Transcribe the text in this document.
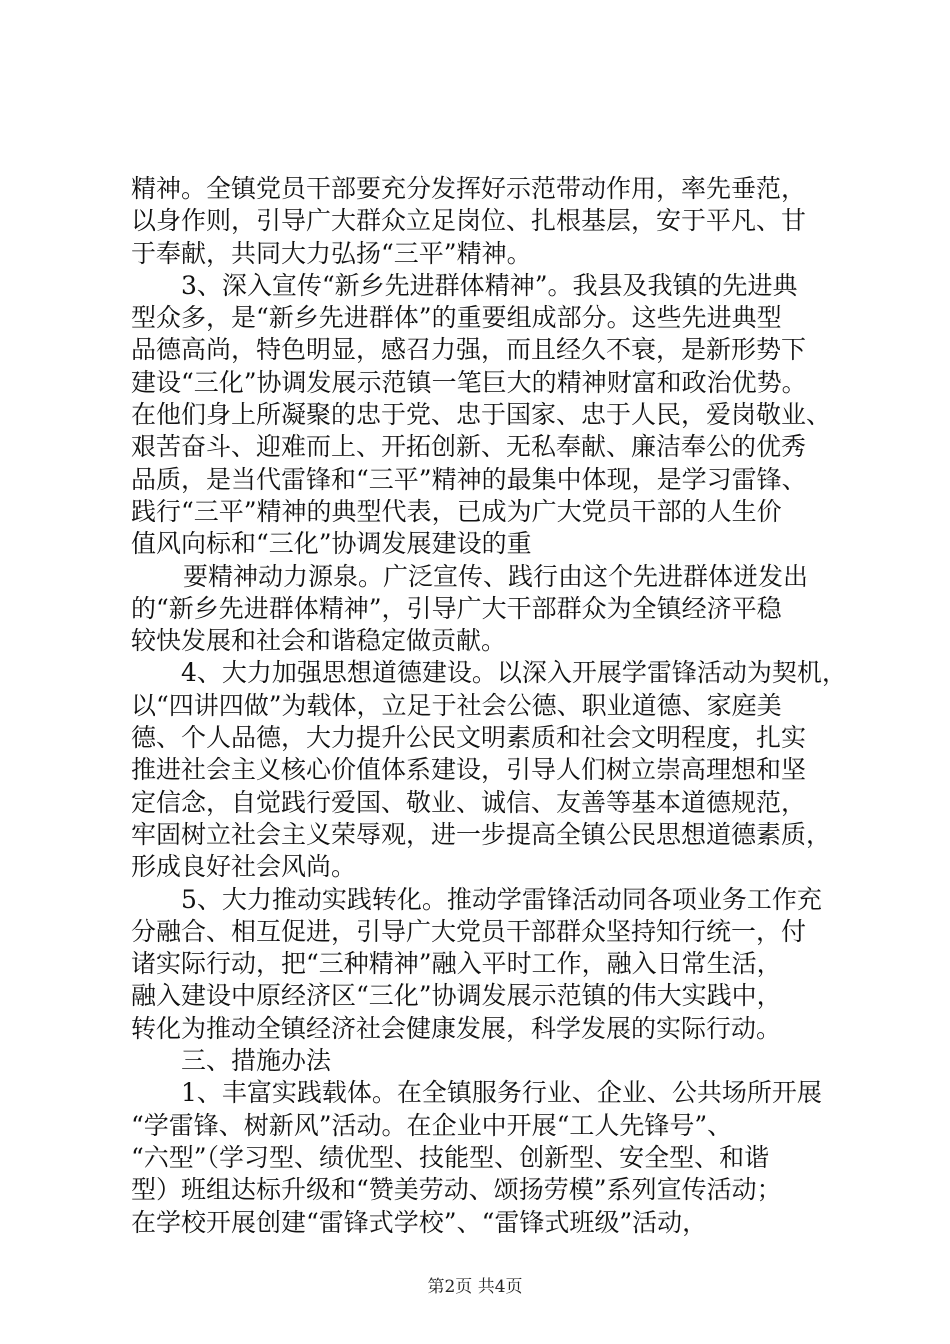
精神。全镇党员干部要充分发挥好示范带动作用，率先垂范，
以身作则，引导广大群众立足岗位、扎根基层，安于平凡、甘
于奉献，共同大力弘扬“三平”精神。
3、深入宣传“新乡先进群体精神”。我县及我镇的先进典
型众多，是“新乡先进群体”的重要组成部分。这些先进典型
品德高尚，特色明显，感召力强，而且经久不衰，是新形势下
建设“三化”协调发展示范镇一笔巨大的精神财富和政治优势。
在他们身上所凝聚的忠于党、忠于国家、忠于人民，爱岗敬业、
艰苦奋斗、迎难而上、开拓创新、无私奉献、廉洁奉公的优秀
品质，是当代雷锋和“三平”精神的最集中体现，是学习雷锋、
践行“三平”精神的典型代表，已成为广大党员干部的人生价
值风向标和“三化”协调发展建设的重
要精神动力源泉。广泛宣传、践行由这个先进群体迸发出
的“新乡先进群体精神”，引导广大干部群众为全镇经济平稳
较快发展和社会和谐稳定做贡献。
4、大力加强思想道德建设。以深入开展学雷锋活动为契机，
以“四讲四做”为载体，立足于社会公德、职业道德、家庭美
德、个人品德，大力提升公民文明素质和社会文明程度，扎实
推进社会主义核心价值体系建设，引导人们树立崇高理想和坚
定信念，自觉践行爱国、敬业、诚信、友善等基本道德规范，
牢固树立社会主义荣辱观，进一步提高全镇公民思想道德素质，
形成良好社会风尚。
5、大力推动实践转化。推动学雷锋活动同各项业务工作充
分融合、相互促进，引导广大党员干部群众坚持知行统一，付
诸实际行动，把“三种精神”融入平时工作，融入日常生活，
融入建设中原经济区“三化”协调发展示范镇的伟大实践中，
转化为推动全镇经济社会健康发展，科学发展的实际行动。
三、措施办法
1、丰富实践载体。在全镇服务行业、企业、公共场所开展
“学雷锋、树新风”活动。在企业中开展“工人先锋号”、
“六型”（学习型、绩优型、技能型、创新型、安全型、和谐
型）班组达标升级和“赞美劳动、颂扬劳模”系列宣传活动；
在学校开展创建“雷锋式学校”、“雷锋式班级”活动，
第2页 共4页
